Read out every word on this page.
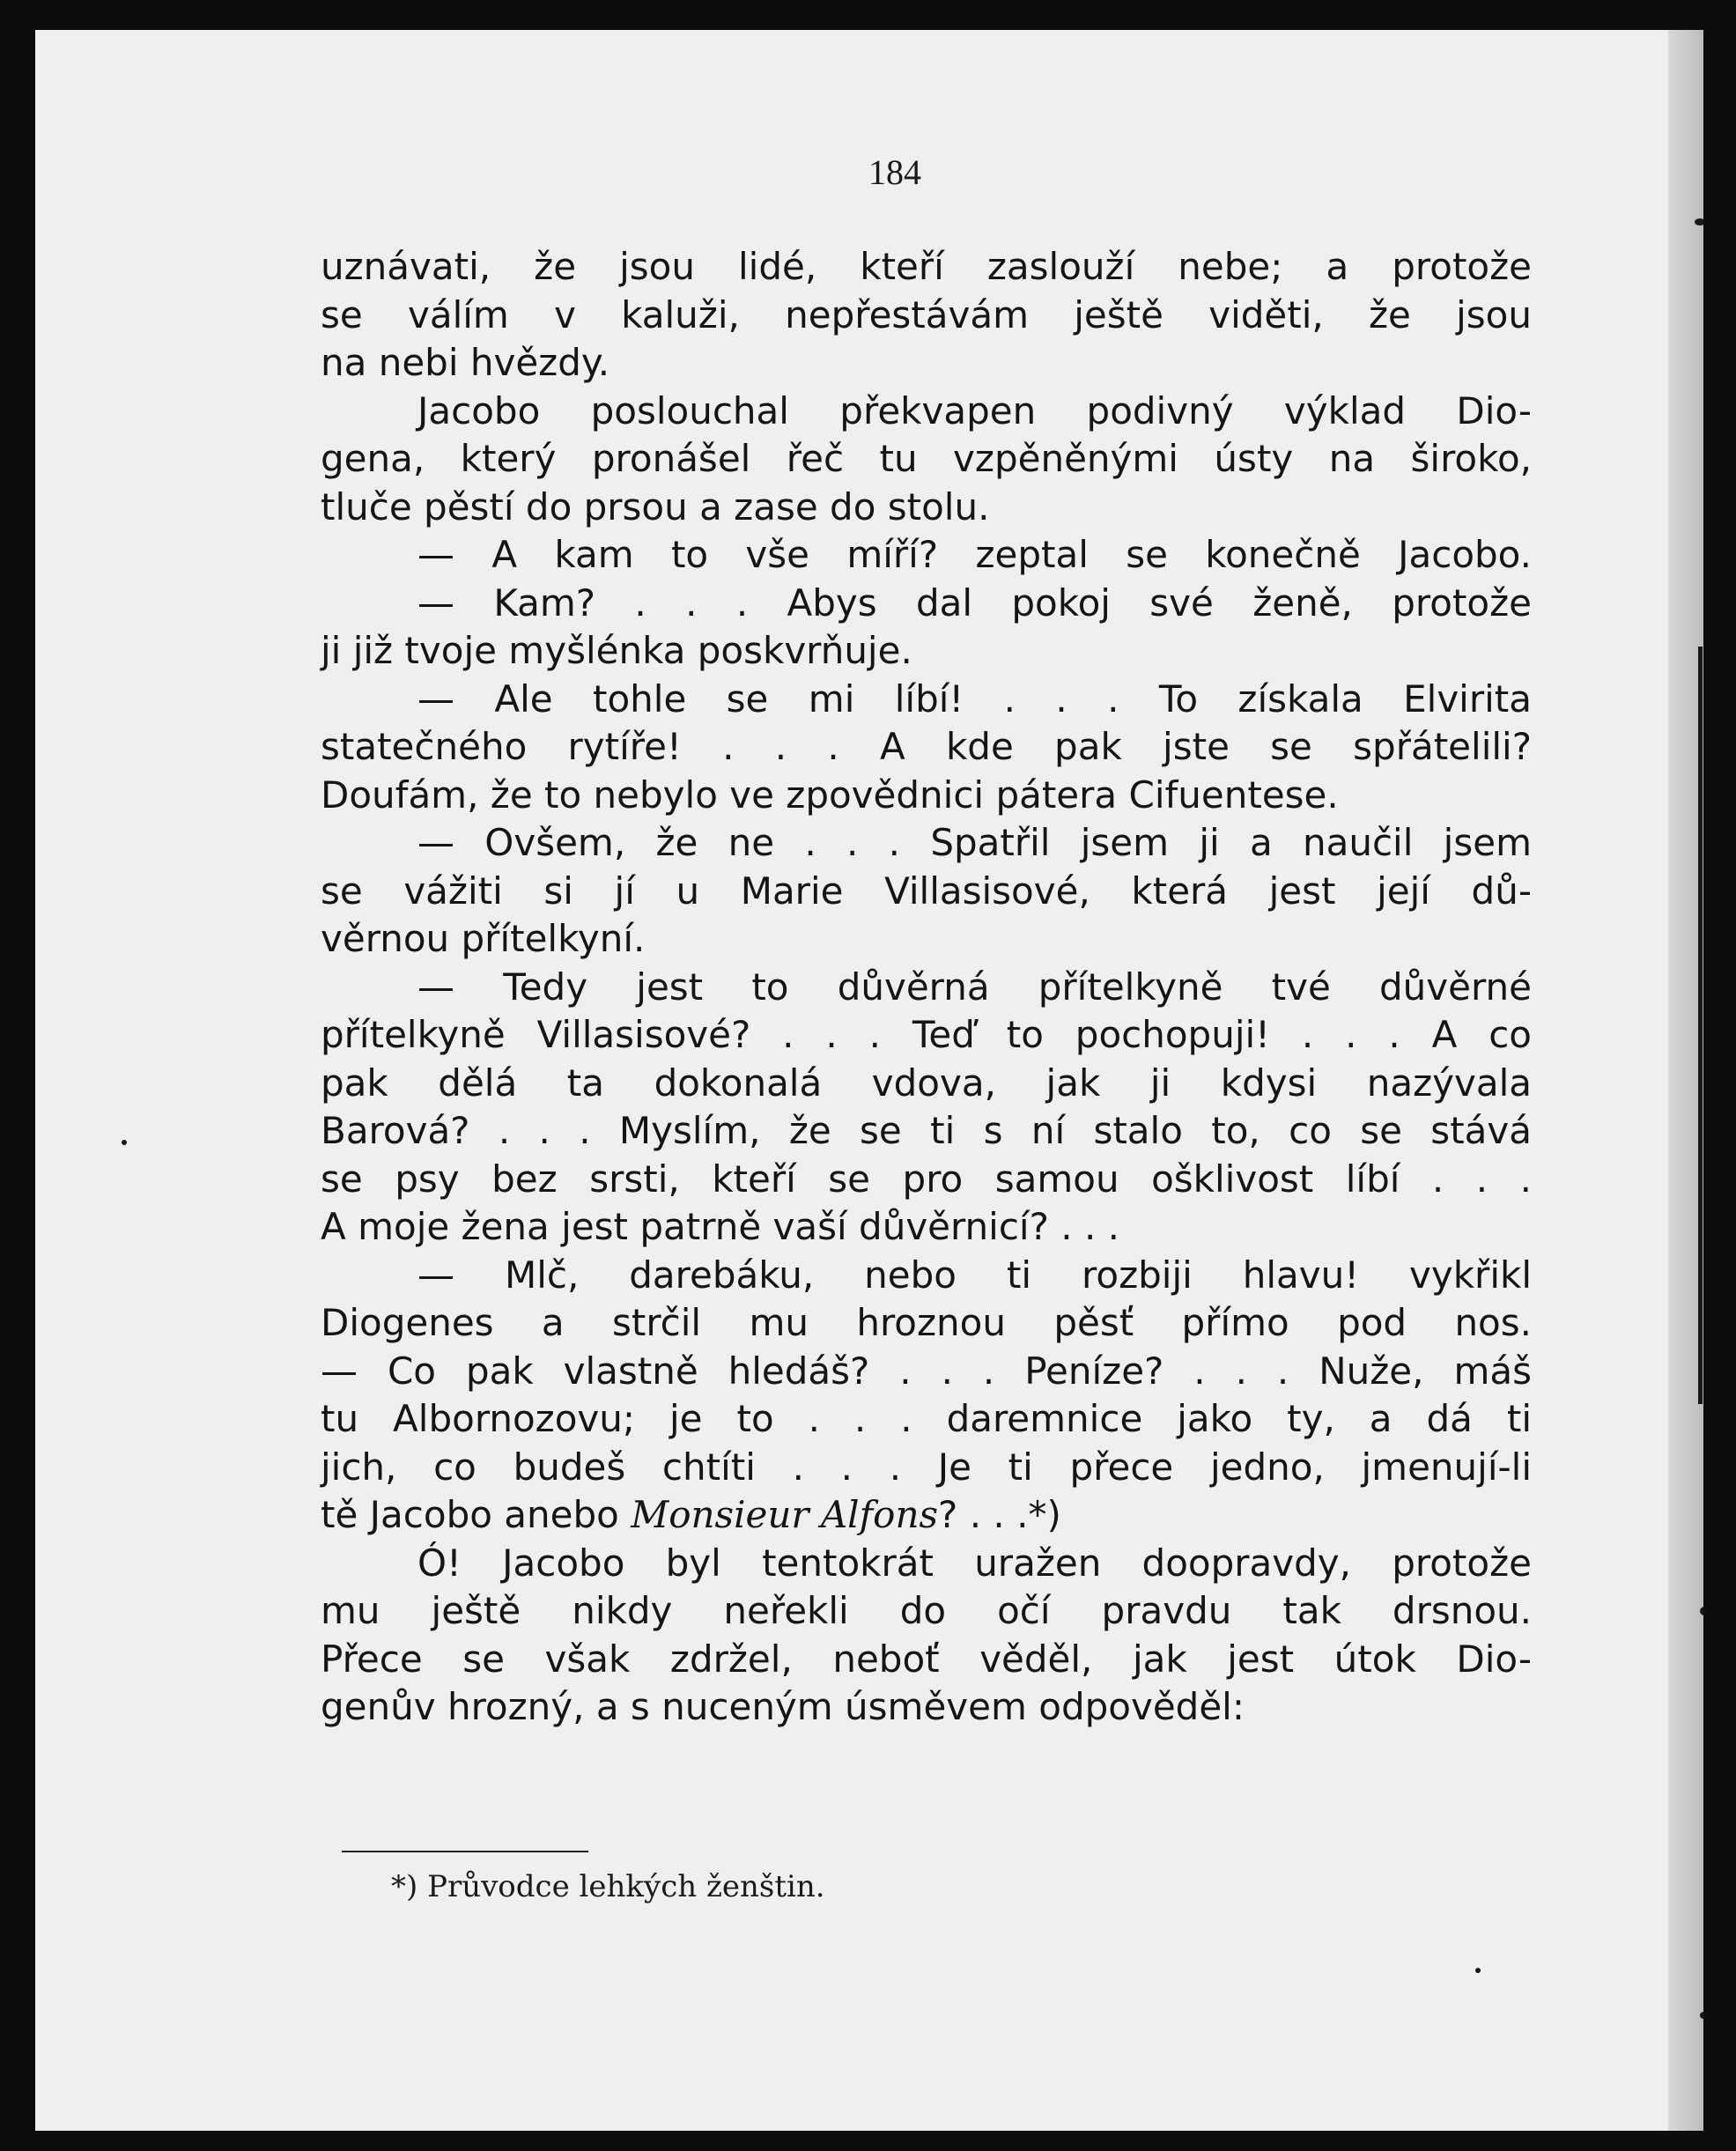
184
uznávati, že jsou lidé, kteří zaslouží nebe; a protože
se válím v kaluži, nepřestávám ještě viděti, že jsou
na nebi hvězdy.
Jacobo poslouchal překvapen podivný výklad Dio-
gena, který pronášel řeč tu vzpěněnými ústy na široko,
tluče pěstí do prsou a zase do stolu.
— A kam to vše míří? zeptal se konečně Jacobo.
— Kam? . . . Abys dal pokoj své ženě, protože
ji již tvoje myšlénka poskvrňuje.
— Ale tohle se mi líbí! . . . To získala Elvirita
statečného rytíře! . . . A kde pak jste se spřátelili?
Doufám, že to nebylo ve zpovědnici pátera Cifuentese.
— Ovšem, že ne . . . Spatřil jsem ji a naučil jsem
se vážiti si jí u Marie Villasisové, která jest její dů-
věrnou přítelkyní.
— Tedy jest to důvěrná přítelkyně tvé důvěrné
přítelkyně Villasisové? . . . Teď to pochopuji! . . . A co
pak dělá ta dokonalá vdova, jak ji kdysi nazývala
Barová? . . . Myslím, že se ti s ní stalo to, co se stává
se psy bez srsti, kteří se pro samou ošklivost líbí . . .
A moje žena jest patrně vaší důvěrnicí? . . .
— Mlč, darebáku, nebo ti rozbiji hlavu! vykřikl
Diogenes a strčil mu hroznou pěsť přímo pod nos.
— Co pak vlastně hledáš? . . . Peníze? . . . Nuže, máš
tu Albornozovu; je to . . . daremnice jako ty, a dá ti
jich, co budeš chtíti . . . Je ti přece jedno, jmenují-li
tě Jacobo anebo Monsieur Alfons? . . .*)
Ó! Jacobo byl tentokrát uražen doopravdy, protože
mu ještě nikdy neřekli do očí pravdu tak drsnou.
Přece se však zdržel, neboť věděl, jak jest útok Dio-
genův hrozný, a s nuceným úsměvem odpověděl:
*) Průvodce lehkých ženštin.
